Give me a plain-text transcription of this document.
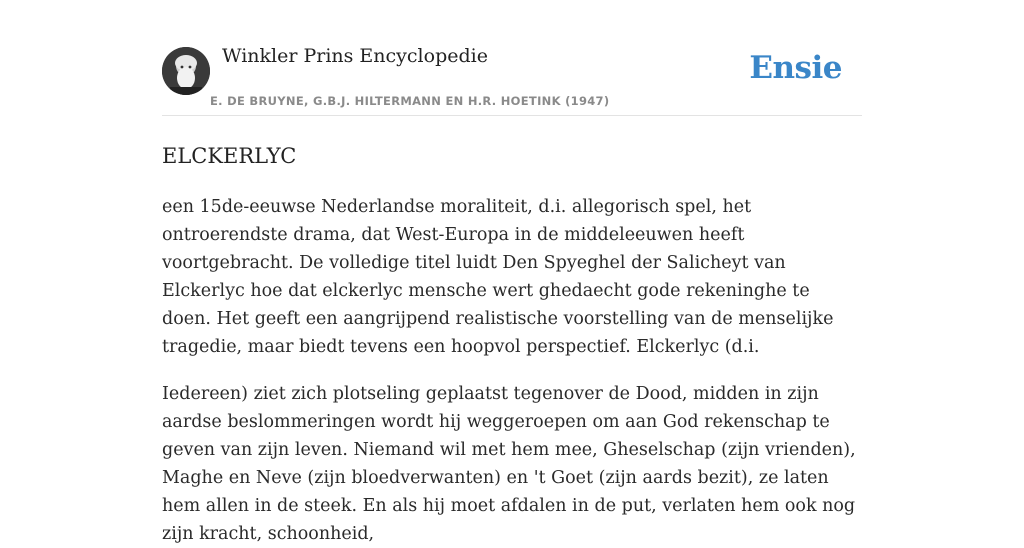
Winkler Prins Encyclopedie
E. DE BRUYNE, G.B.J. HILTERMANN EN H.R. HOETINK (1947)
Ensie
ELCKERLYC

een 15de-eeuwse Nederlandse moraliteit, d.i. allegorisch spel, het ontroerendste drama, dat West-Europa in de middeleeuwen heeft voortgebracht. De volledige titel luidt Den Spyeghel der Salicheyt van Elckerlyc hoe dat elckerlyc mensche wert ghedaecht gode rekeninghe te doen. Het geeft een aangrijpend realistische voorstelling van de menselijke tragedie, maar biedt tevens een hoopvol perspectief. Elckerlyc (d.i.

Iedereen) ziet zich plotseling geplaatst tegenover de Dood, midden in zijn aardse beslommeringen wordt hij weggeroepen om aan God rekenschap te geven van zijn leven. Niemand wil met hem mee, Gheselschap (zijn vrienden), Maghe en Neve (zijn bloedverwanten) en 't Goet (zijn aards bezit), ze laten hem allen in de steek. En als hij moet afdalen in de put, verlaten hem ook nog zijn kracht, schoonheid,
